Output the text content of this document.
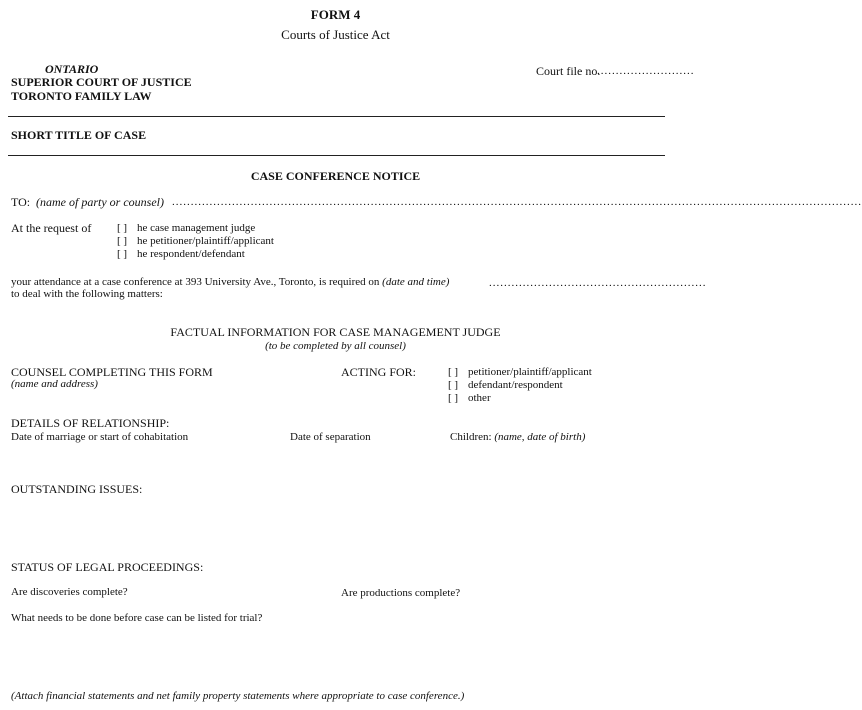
FORM 4
Courts of Justice Act
ONTARIO
SUPERIOR COURT OF JUSTICE
TORONTO FAMILY LAW
Court file no.
..........................
SHORT TITLE OF CASE
CASE CONFERENCE NOTICE
TO: (name of party or counsel) ........................................................................................................................................................................................
At the request of [ ] he case management judge
[ ] he petitioner/plaintiff/applicant
[ ] he respondent/defendant
your attendance at a case conference at 393 University Ave., Toronto, is required on (date and time)	..........................................................
to deal with the following matters:
FACTUAL INFORMATION FOR CASE MANAGEMENT JUDGE
(to be completed by all counsel)
COUNSEL COMPLETING THIS FORM
(name and address)
ACTING FOR:	[ ] petitioner/plaintiff/applicant
[ ] defendant/respondent
[ ] other
DETAILS OF RELATIONSHIP:
Date of marriage or start of cohabitation	Date of separation	Children: (name, date of birth)
OUTSTANDING ISSUES:
STATUS OF LEGAL PROCEEDINGS:
Are discoveries complete?	Are productions complete?
What needs to be done before case can be listed for trial?
(Attach financial statements and net family property statements where appropriate to case conference.)
